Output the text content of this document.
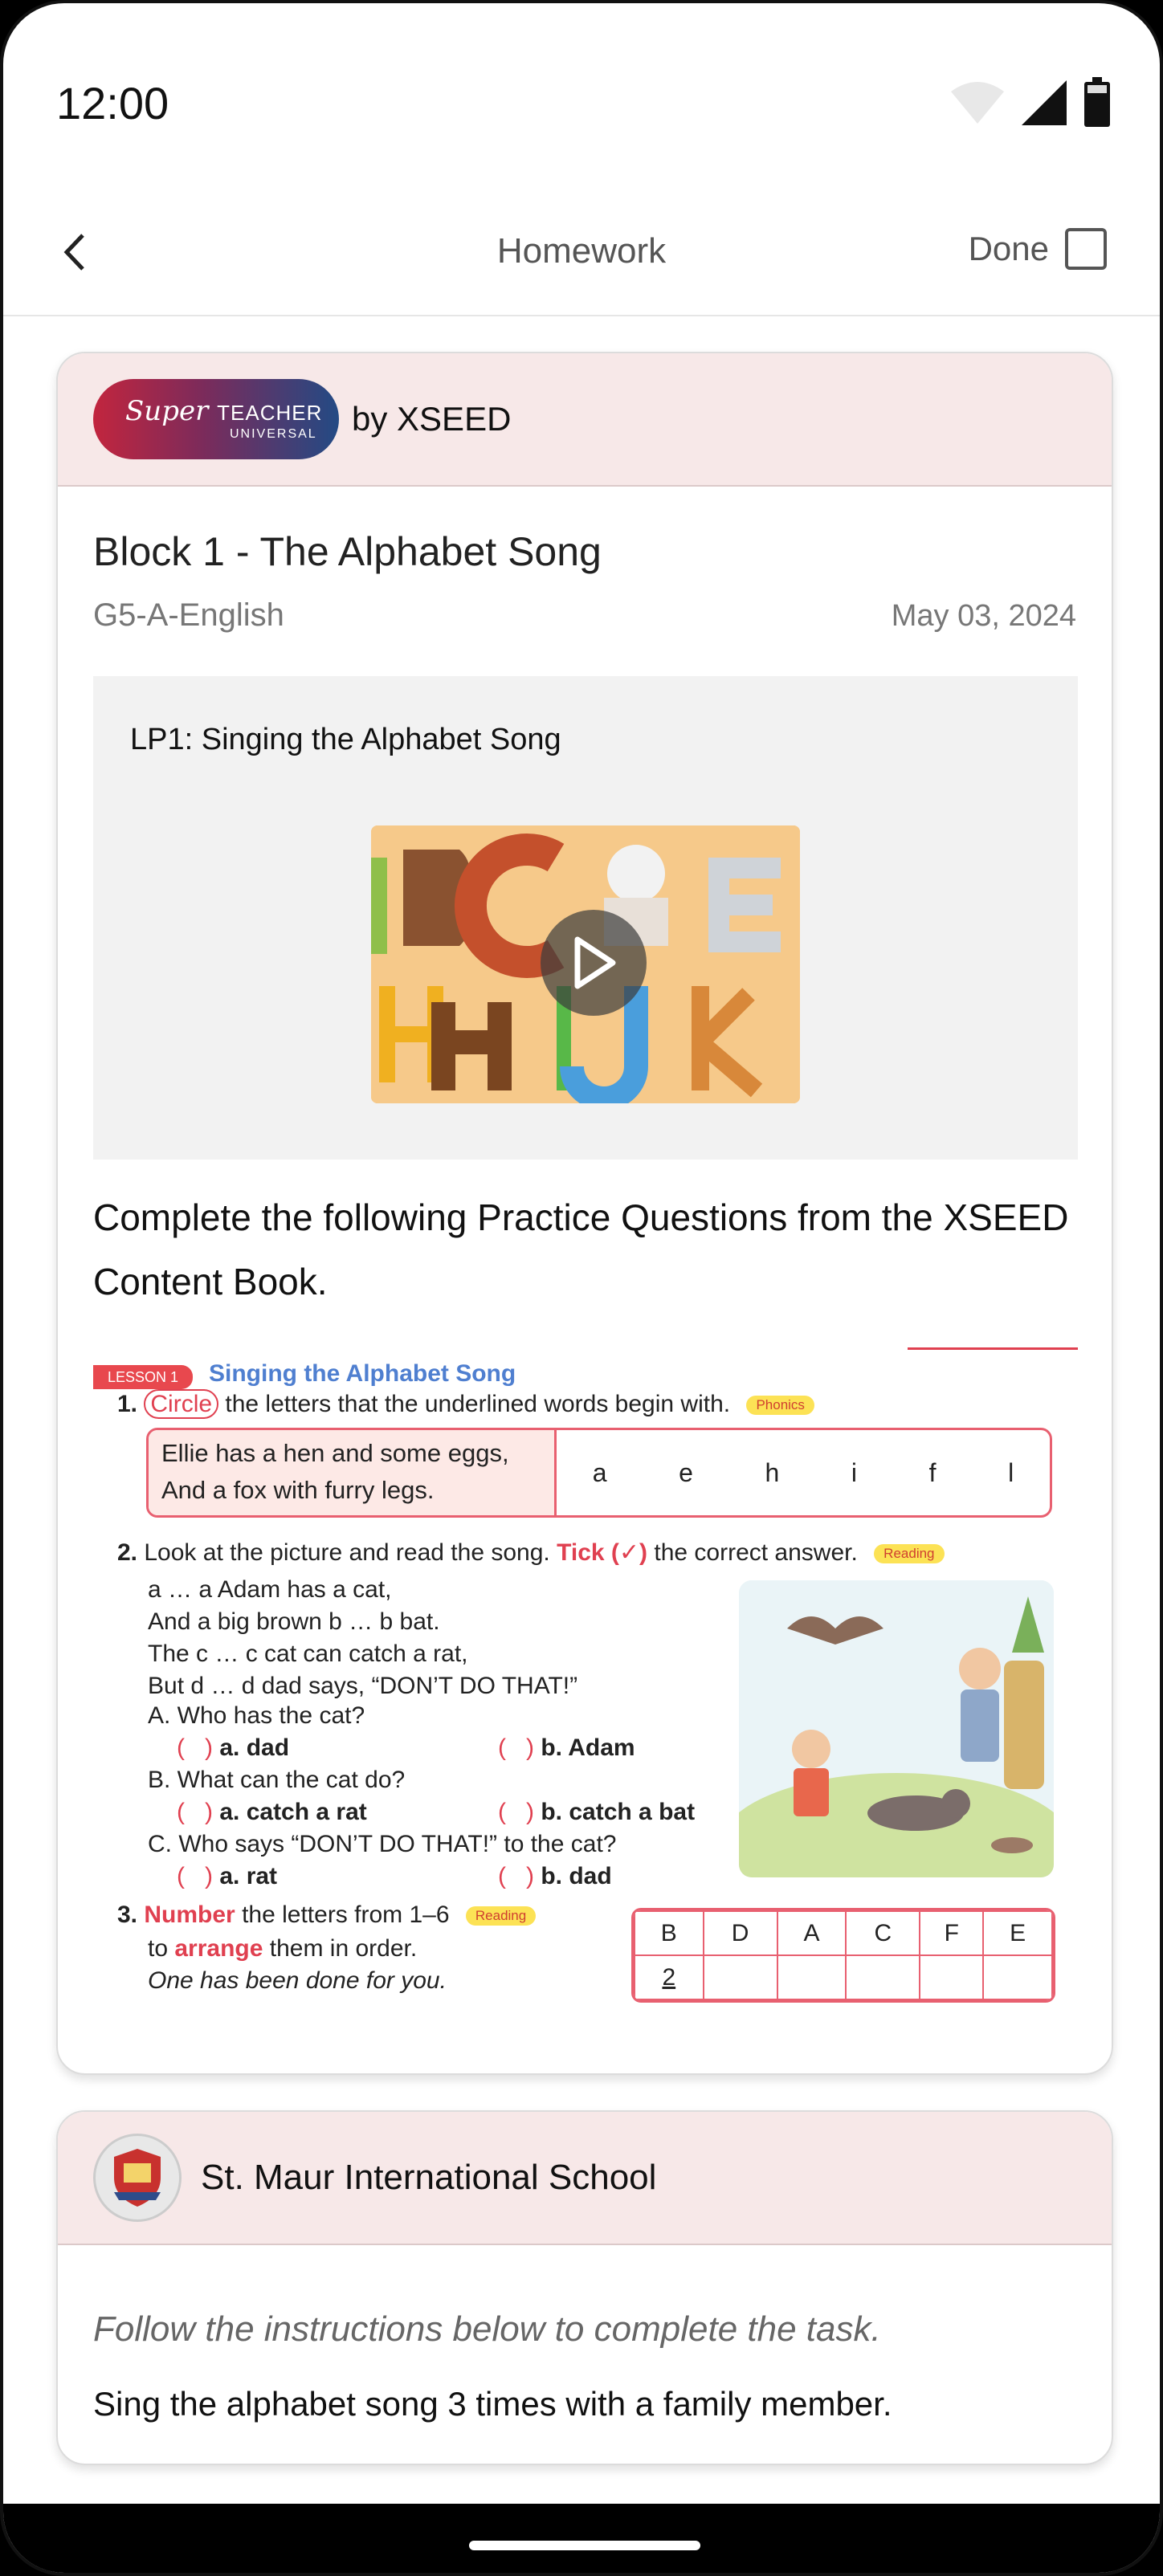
12:00
Homework	Done
Super TEACHER
UNIVERSAL	by XSEED
Block 1 - The Alphabet Song
G5-A-English	May 03, 2024
LP1: Singing the Alphabet Song
Complete the following Practice Questions from the XSEED Content Book.
LESSON 1	Singing the Alphabet Song
1. Circle the letters that the underlined words begin with. Phonics
Ellie has a hen and some eggs,
And a fox with furry legs.
a	e	h	i	f	l
2. Look at the picture and read the song. Tick (✓) the correct answer. Reading
a … a Adam has a cat,
And a big brown b … b bat.
The c … c cat can catch a rat,
But d … d dad says, “DON’T DO THAT!”
A. Who has the cat?
(   ) a. dad	(   ) b. Adam
B. What can the cat do?
(   ) a. catch a rat	(   ) b. catch a bat
C. Who says “DON’T DO THAT!” to the cat?
(   ) a. rat	(   ) b. dad
3. Number the letters from 1–6 Reading
to arrange them in order.
One has been done for you.
B	D	A	C	F	E
2					
St. Maur International School
Follow the instructions below to complete the task.
Sing the alphabet song 3 times with a family member.
